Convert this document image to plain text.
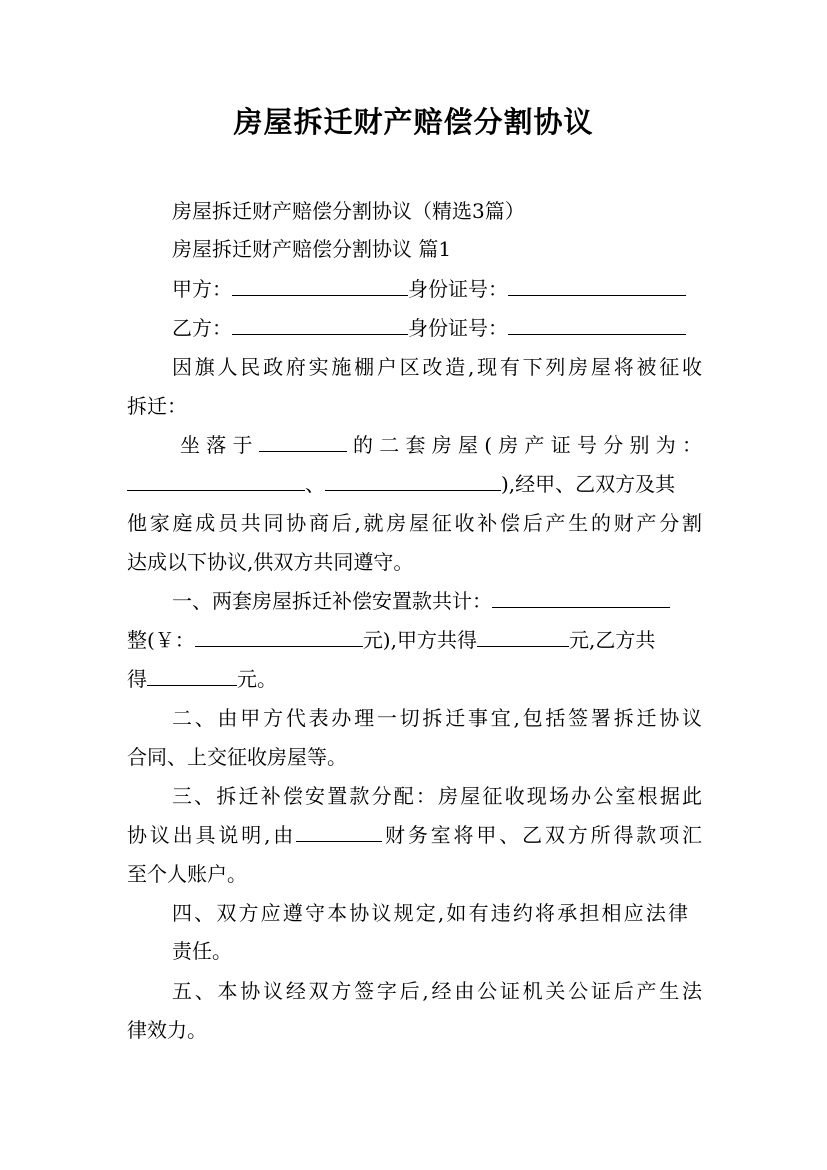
房屋拆迁财产赔偿分割协议
房屋拆迁财产赔偿分割协议（精选3篇）
房屋拆迁财产赔偿分割协议 篇1
甲方：	身份证号：
乙方：	身份证号：
因旗人民政府实施棚户区改造,现有下列房屋将被征收
拆迁：
坐落于	的二套房屋(房产证号分别为：
、	),经甲、乙双方及其
他家庭成员共同协商后,就房屋征收补偿后产生的财产分割
达成以下协议,供双方共同遵守。
一、两套房屋拆迁补偿安置款共计：
整(￥：	元),甲方共得	元,乙方共
得	元。
二、由甲方代表办理一切拆迁事宜,包括签署拆迁协议
合同、上交征收房屋等。
三、拆迁补偿安置款分配：房屋征收现场办公室根据此
协议出具说明,由	财务室将甲、乙双方所得款项汇
至个人账户。
四、双方应遵守本协议规定,如有违约将承担相应法律
责任。
五、本协议经双方签字后,经由公证机关公证后产生法
律效力。
